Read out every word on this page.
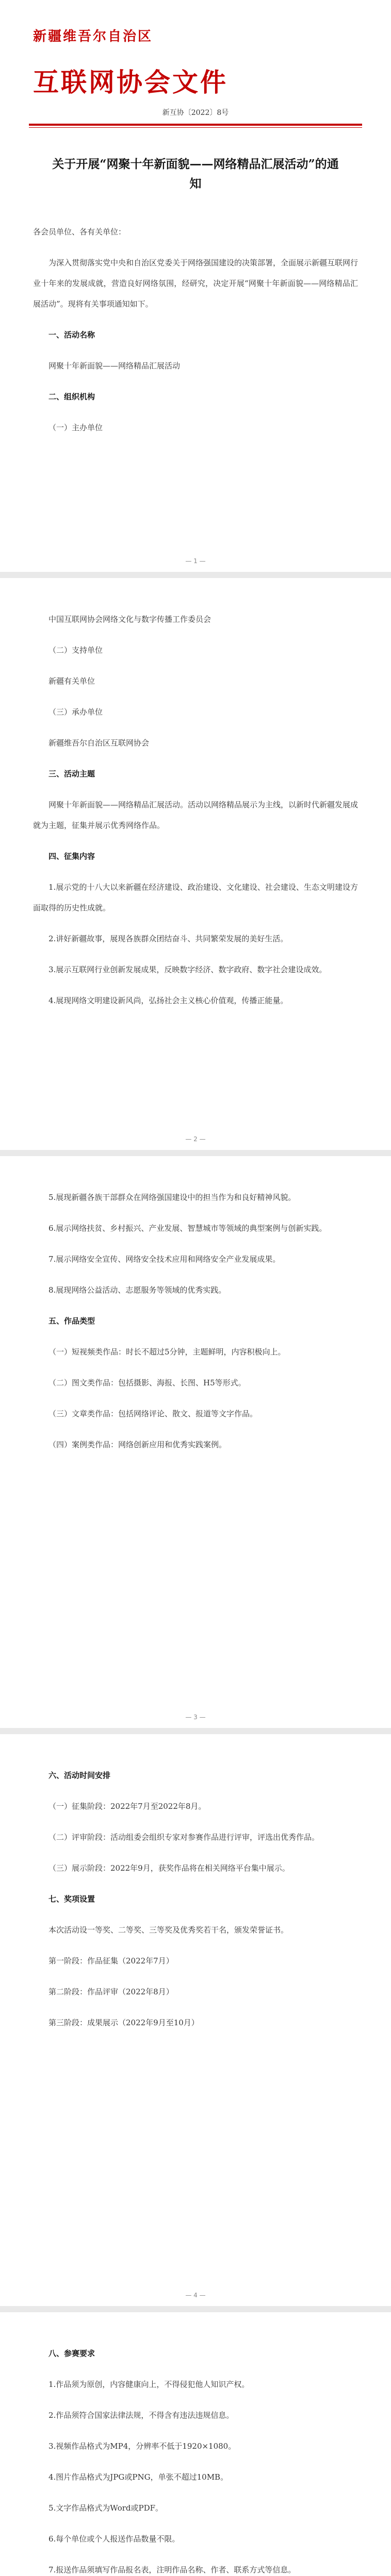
新疆维吾尔自治区
互联网协会文件
新互协〔2022〕8号
关于开展“网聚十年新面貌——网络精品汇展活动”的通知

各会员单位、各有关单位：

为深入贯彻落实党中央和自治区党委关于网络强国建设的决策部署，全面展示新疆互联网行业十年来的发展成就，营造良好网络氛围，经研究，决定开展“网聚十年新面貌——网络精品汇展活动”。现将有关事项通知如下。

一、活动名称

网聚十年新面貌——网络精品汇展活动

二、组织机构

（一）主办单位

— 1 —

中国互联网协会网络文化与数字传播工作委员会

（二）支持单位

新疆有关单位

（三）承办单位

新疆维吾尔自治区互联网协会

三、活动主题

网聚十年新面貌——网络精品汇展活动。活动以网络精品展示为主线，以新时代新疆发展成就为主题，征集并展示优秀网络作品。

四、征集内容

1.展示党的十八大以来新疆在经济建设、政治建设、文化建设、社会建设、生态文明建设方面取得的历史性成就。

2.讲好新疆故事，展现各族群众团结奋斗、共同繁荣发展的美好生活。

3.展示互联网行业创新发展成果，反映数字经济、数字政府、数字社会建设成效。

4.展现网络文明建设新风尚，弘扬社会主义核心价值观，传播正能量。

— 2 —

5.展现新疆各族干部群众在网络强国建设中的担当作为和良好精神风貌。

6.展示网络扶贫、乡村振兴、产业发展、智慧城市等领域的典型案例与创新实践。

7.展示网络安全宣传、网络安全技术应用和网络安全产业发展成果。

8.展现网络公益活动、志愿服务等领域的优秀实践。

五、作品类型

（一）短视频类作品：时长不超过5分钟，主题鲜明，内容积极向上。

（二）图文类作品：包括摄影、海报、长图、H5等形式。

（三）文章类作品：包括网络评论、散文、报道等文字作品。

（四）案例类作品：网络创新应用和优秀实践案例。

— 3 —

六、活动时间安排

（一）征集阶段：2022年7月至2022年8月。

（二）评审阶段：活动组委会组织专家对参赛作品进行评审，评选出优秀作品。

（三）展示阶段：2022年9月，获奖作品将在相关网络平台集中展示。

七、奖项设置

本次活动设一等奖、二等奖、三等奖及优秀奖若干名，颁发荣誉证书。

第一阶段：作品征集（2022年7月）

第二阶段：作品评审（2022年8月）

第三阶段：成果展示（2022年9月至10月）

— 4 —

八、参赛要求

1.作品须为原创，内容健康向上，不得侵犯他人知识产权。

2.作品须符合国家法律法规，不得含有违法违规信息。

3.视频作品格式为MP4，分辨率不低于1920×1080。

4.图片作品格式为JPG或PNG，单张不超过10MB。

5.文字作品格式为Word或PDF。

6.每个单位或个人报送作品数量不限。

7.报送作品须填写作品报名表，注明作品名称、作者、联系方式等信息。
